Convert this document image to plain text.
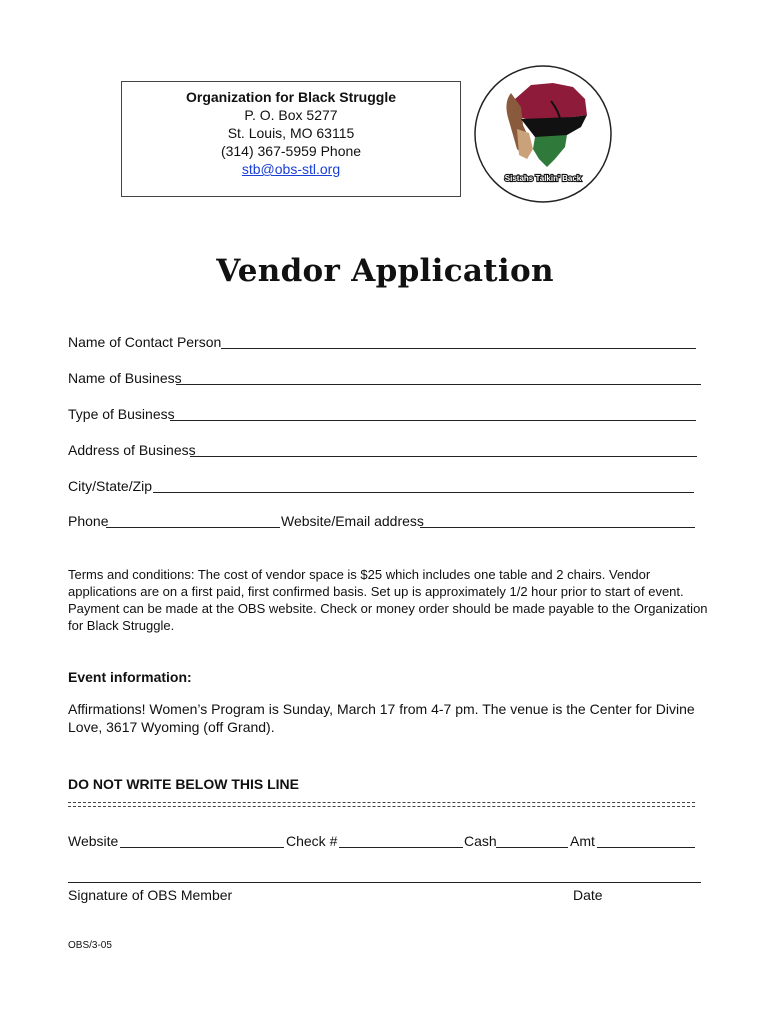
Organization for Black Struggle
P. O. Box 5277
St. Louis, MO 63115
(314) 367-5959 Phone
stb@obs-stl.org
Sistahs Talkin' Back
Vendor Application
Name of Contact Person
Name of Business
Type of Business
Address of Business
City/State/Zip
Phone	Website/Email address
Terms and conditions: The cost of vendor space is $25 which includes one table and 2 chairs. Vendor applications are on a first paid, first confirmed basis. Set up is approximately 1/2 hour prior to start of event. Payment can be made at the OBS website. Check or money order should be made payable to the Organization for Black Struggle.
Event information:
Affirmations! Women’s Program is Sunday, March 17 from 4-7 pm. The venue is the Center for Divine Love, 3617 Wyoming (off Grand).
DO NOT WRITE BELOW THIS LINE
Website	Check #	Cash	Amt
Signature of OBS Member	Date
OBS/3-05
